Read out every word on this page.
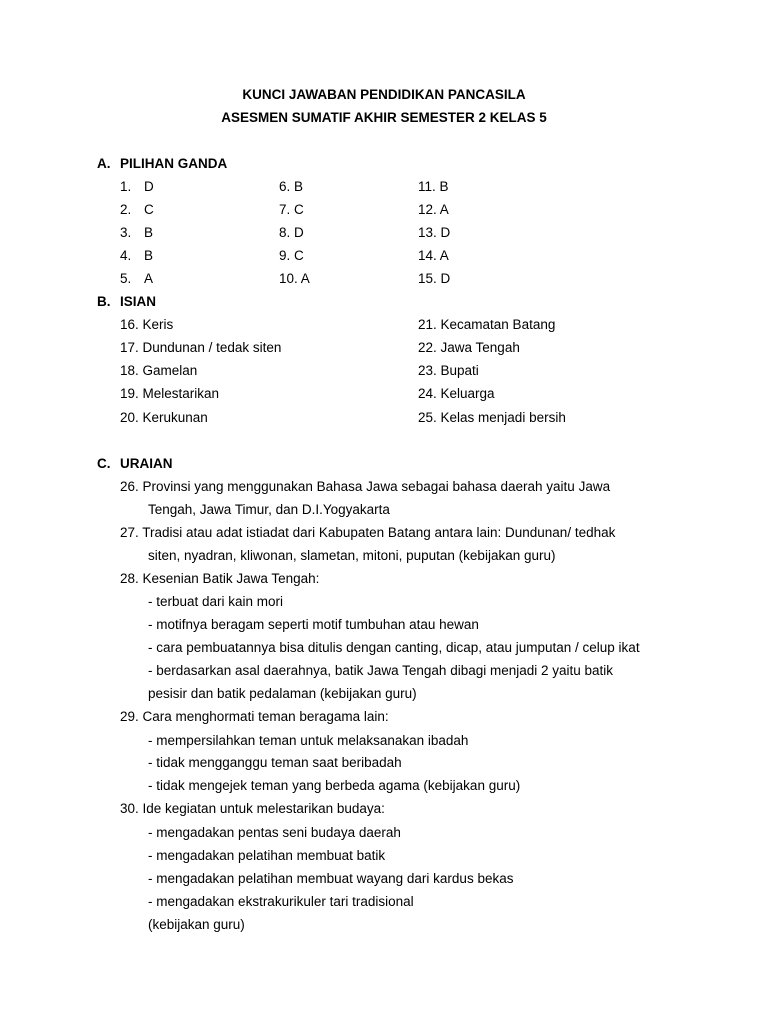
KUNCI JAWABAN PENDIDIKAN PANCASILA
ASESMEN SUMATIF AKHIR SEMESTER 2 KELAS 5
A. PILIHAN GANDA
1. D
2. C
3. B
4. B
5. A
6. B
7. C
8. D
9. C
10. A
11. B
12. A
13. D
14. A
15. D
B. ISIAN
16. Keris
17. Dundunan / tedak siten
18. Gamelan
19. Melestarikan
20. Kerukunan
21. Kecamatan Batang
22. Jawa Tengah
23. Bupati
24. Keluarga
25. Kelas menjadi bersih
C. URAIAN
26. Provinsi yang menggunakan Bahasa Jawa sebagai bahasa daerah yaitu Jawa
Tengah, Jawa Timur, dan D.I.Yogyakarta
27. Tradisi atau adat istiadat dari Kabupaten Batang antara lain: Dundunan/ tedhak
siten, nyadran, kliwonan, slametan, mitoni, puputan (kebijakan guru)
28. Kesenian Batik Jawa Tengah:
- terbuat dari kain mori
- motifnya beragam seperti motif tumbuhan atau hewan
- cara pembuatannya bisa ditulis dengan canting, dicap, atau jumputan / celup ikat
- berdasarkan asal daerahnya, batik Jawa Tengah dibagi menjadi 2 yaitu batik
pesisir dan batik pedalaman (kebijakan guru)
29. Cara menghormati teman beragama lain:
- mempersilahkan teman untuk melaksanakan ibadah
- tidak mengganggu teman saat beribadah
- tidak mengejek teman yang berbeda agama (kebijakan guru)
30. Ide kegiatan untuk melestarikan budaya:
- mengadakan pentas seni budaya daerah
- mengadakan pelatihan membuat batik
- mengadakan pelatihan membuat wayang dari kardus bekas
- mengadakan ekstrakurikuler tari tradisional
(kebijakan guru)
